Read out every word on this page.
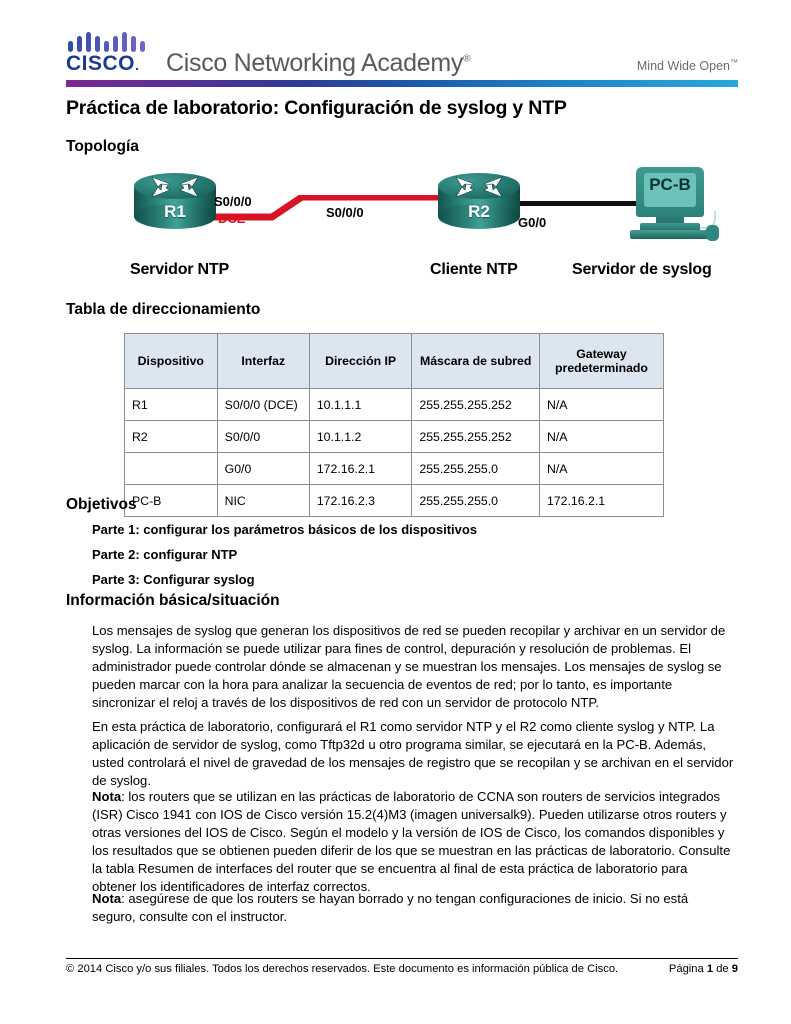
CISCO. Cisco Networking Academy®	Mind Wide Open™
Práctica de laboratorio: Configuración de syslog y NTP
Topología
R1	R2
PC-B
S0/0/0
DCE	S0/0/0
G0/0
Servidor NTP	Cliente NTP	Servidor de syslog
Tabla de direccionamiento
Dispositivo	Interfaz	Dirección IP	Máscara de subred	Gateway predeterminado
R1	S0/0/0 (DCE)	10.1.1.1	255.255.255.252	N/A
R2	S0/0/0	10.1.1.2	255.255.255.252	N/A
	G0/0	172.16.2.1	255.255.255.0	N/A
PC-B	NIC	172.16.2.3	255.255.255.0	172.16.2.1
Objetivos
Parte 1: configurar los parámetros básicos de los dispositivos
Parte 2: configurar NTP
Parte 3: Configurar syslog
Información básica/situación
Los mensajes de syslog que generan los dispositivos de red se pueden recopilar y archivar en un servidor de syslog. La información se puede utilizar para fines de control, depuración y resolución de problemas. El administrador puede controlar dónde se almacenan y se muestran los mensajes. Los mensajes de syslog se pueden marcar con la hora para analizar la secuencia de eventos de red; por lo tanto, es importante sincronizar el reloj a través de los dispositivos de red con un servidor de protocolo NTP.
En esta práctica de laboratorio, configurará el R1 como servidor NTP y el R2 como cliente syslog y NTP. La aplicación de servidor de syslog, como Tftp32d u otro programa similar, se ejecutará en la PC-B. Además, usted controlará el nivel de gravedad de los mensajes de registro que se recopilan y se archivan en el servidor de syslog.
Nota: los routers que se utilizan en las prácticas de laboratorio de CCNA son routers de servicios integrados (ISR) Cisco 1941 con IOS de Cisco versión 15.2(4)M3 (imagen universalk9). Pueden utilizarse otros routers y otras versiones del IOS de Cisco. Según el modelo y la versión de IOS de Cisco, los comandos disponibles y los resultados que se obtienen pueden diferir de los que se muestran en las prácticas de laboratorio. Consulte la tabla Resumen de interfaces del router que se encuentra al final de esta práctica de laboratorio para obtener los identificadores de interfaz correctos.
Nota: asegúrese de que los routers se hayan borrado y no tengan configuraciones de inicio. Si no está seguro, consulte con el instructor.
© 2014 Cisco y/o sus filiales. Todos los derechos reservados. Este documento es información pública de Cisco.	Página 1 de 9
